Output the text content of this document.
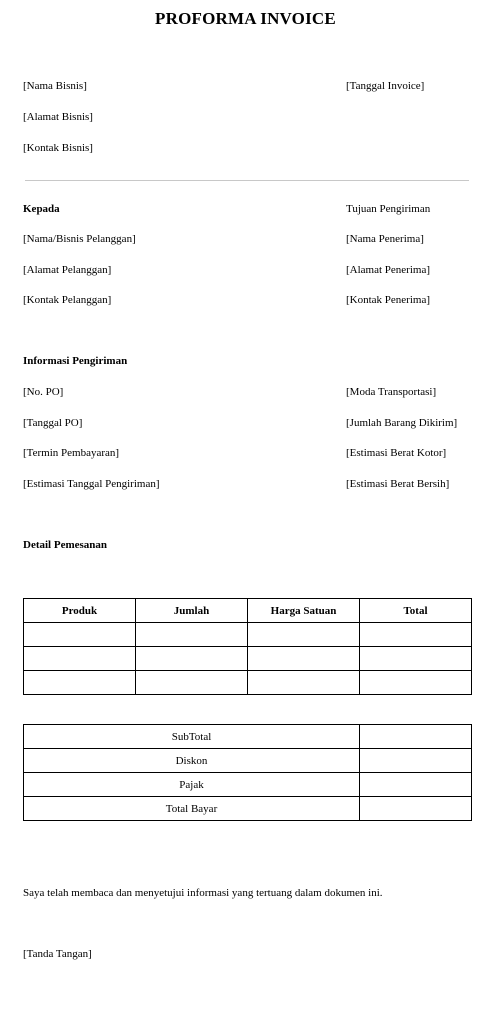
PROFORMA INVOICE
[Nama Bisnis]
[Alamat Bisnis]
[Kontak Bisnis]
[Tanggal Invoice]
Kepada
[Nama/Bisnis Pelanggan]
[Alamat Pelanggan]
[Kontak Pelanggan]
Tujuan Pengiriman
[Nama Penerima]
[Alamat Penerima]
[Kontak Penerima]
Informasi Pengiriman
[No. PO]
[Tanggal PO]
[Termin Pembayaran]
[Estimasi Tanggal Pengiriman]
[Moda Transportasi]
[Jumlah Barang Dikirim]
[Estimasi Berat Kotor]
[Estimasi Berat Bersih]
Detail Pemesanan
Produk	Jumlah	Harga Satuan	Total

SubTotal	
Diskon	
Pajak	
Total Bayar	
Saya telah membaca dan menyetujui informasi yang tertuang dalam dokumen ini.
[Tanda Tangan]
